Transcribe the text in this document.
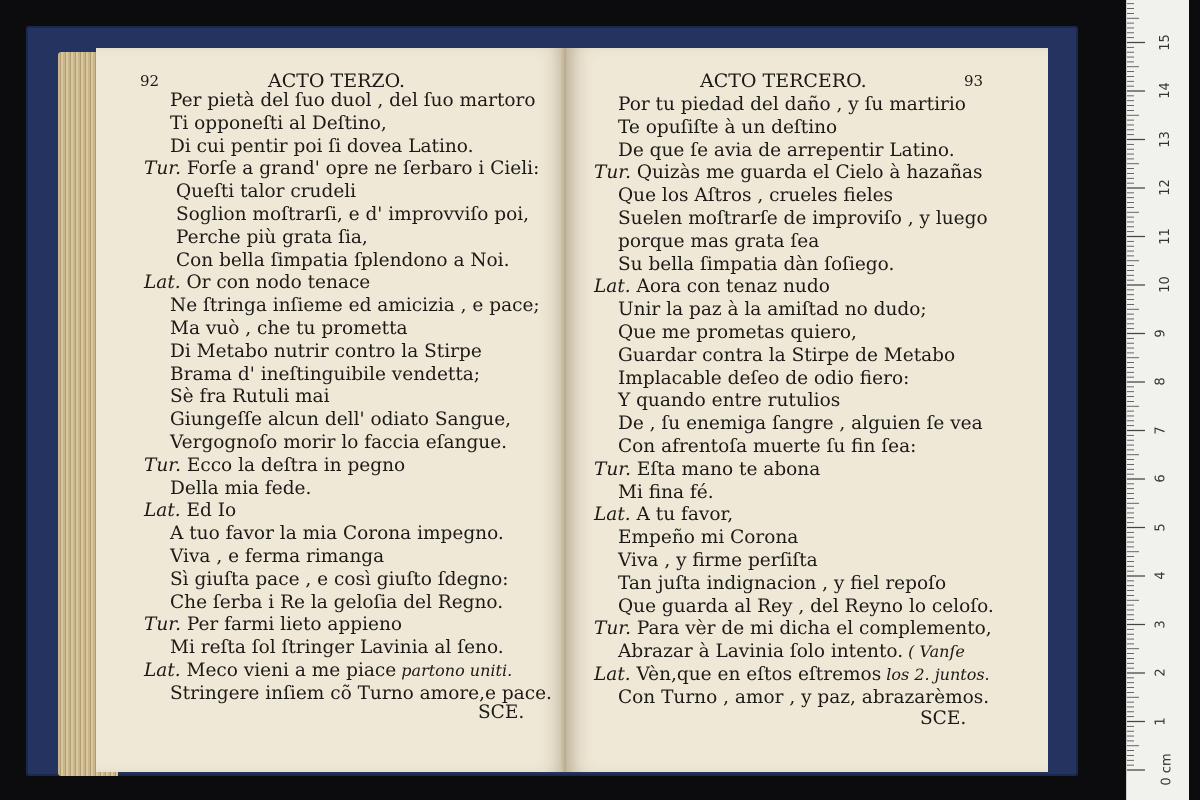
92	ACTO TERZO.
SCE.
Per pietà del ſuo duol , del ſuo martoro
Ti opponeſti al Deſtino,
Di cui pentir poi ſi dovea Latino.
Tur. Forſe a grand' opre ne ſerbaro i Cieli:
Queſti talor crudeli
Soglion moſtrarſi, e d' improvviſo poi,
Perche più grata ſia,
Con bella ſimpatia ſplendono a Noi.
Lat. Or con nodo tenace
Ne ſtringa inſieme ed amicizia , e pace;
Ma vuò , che tu prometta
Di Metabo nutrir contro la Stirpe
Brama d' ineſtinguibile vendetta;
Sè fra Rutuli mai
Giungeſſe alcun dell' odiato Sangue,
Vergognoſo morir lo faccia eſangue.
Tur. Ecco la deſtra in pegno
Della mia fede.
Lat. Ed Io
A tuo favor la mia Corona impegno.
Viva , e ferma rimanga
Sì giuſta pace , e così giuſto ſdegno:
Che ſerba i Re la geloſia del Regno.
Tur. Per farmi lieto appieno
Mi reſta ſol ſtringer Lavinia al ſeno.
Lat. Meco vieni a me piace partono uniti.
Stringere inſiem cõ Turno amore,e pace.
ACTO TERCERO.	93
SCE.
Por tu piedad del daño , y ſu martirio
Te opuſiſte à un deſtino
De que ſe avia de arrepentir Latino.
Tur. Quizàs me guarda el Cielo à hazañas
Que los Aſtros , crueles fieles
Suelen moſtrarſe de improviſo , y luego
porque mas grata ſea
Su bella ſimpatia dàn ſoſiego.
Lat. Aora con tenaz nudo
Unir la paz à la amiſtad no dudo;
Que me prometas quiero,
Guardar contra la Stirpe de Metabo
Implacable deſeo de odio fiero:
Y quando entre rutulios
De , ſu enemiga ſangre , alguien ſe vea
Con afrentoſa muerte ſu fin ſea:
Tur. Eſta mano te abona
Mi fina fé.
Lat. A tu favor,
Empeño mi Corona
Viva , y firme perſiſta
Tan juſta indignacion , y fiel repoſo
Que guarda al Rey , del Reyno lo celoſo.
Tur. Para vèr de mi dicha el complemento,
Abrazar à Lavinia ſolo intento. ( Vanſe
Lat. Vèn,que en eſtos eſtremos los 2. juntos.
Con Turno , amor , y paz, abrazarèmos.
1
2
3
4
5
6
7
8
9
10
11
12
13
14
15
0 cm
